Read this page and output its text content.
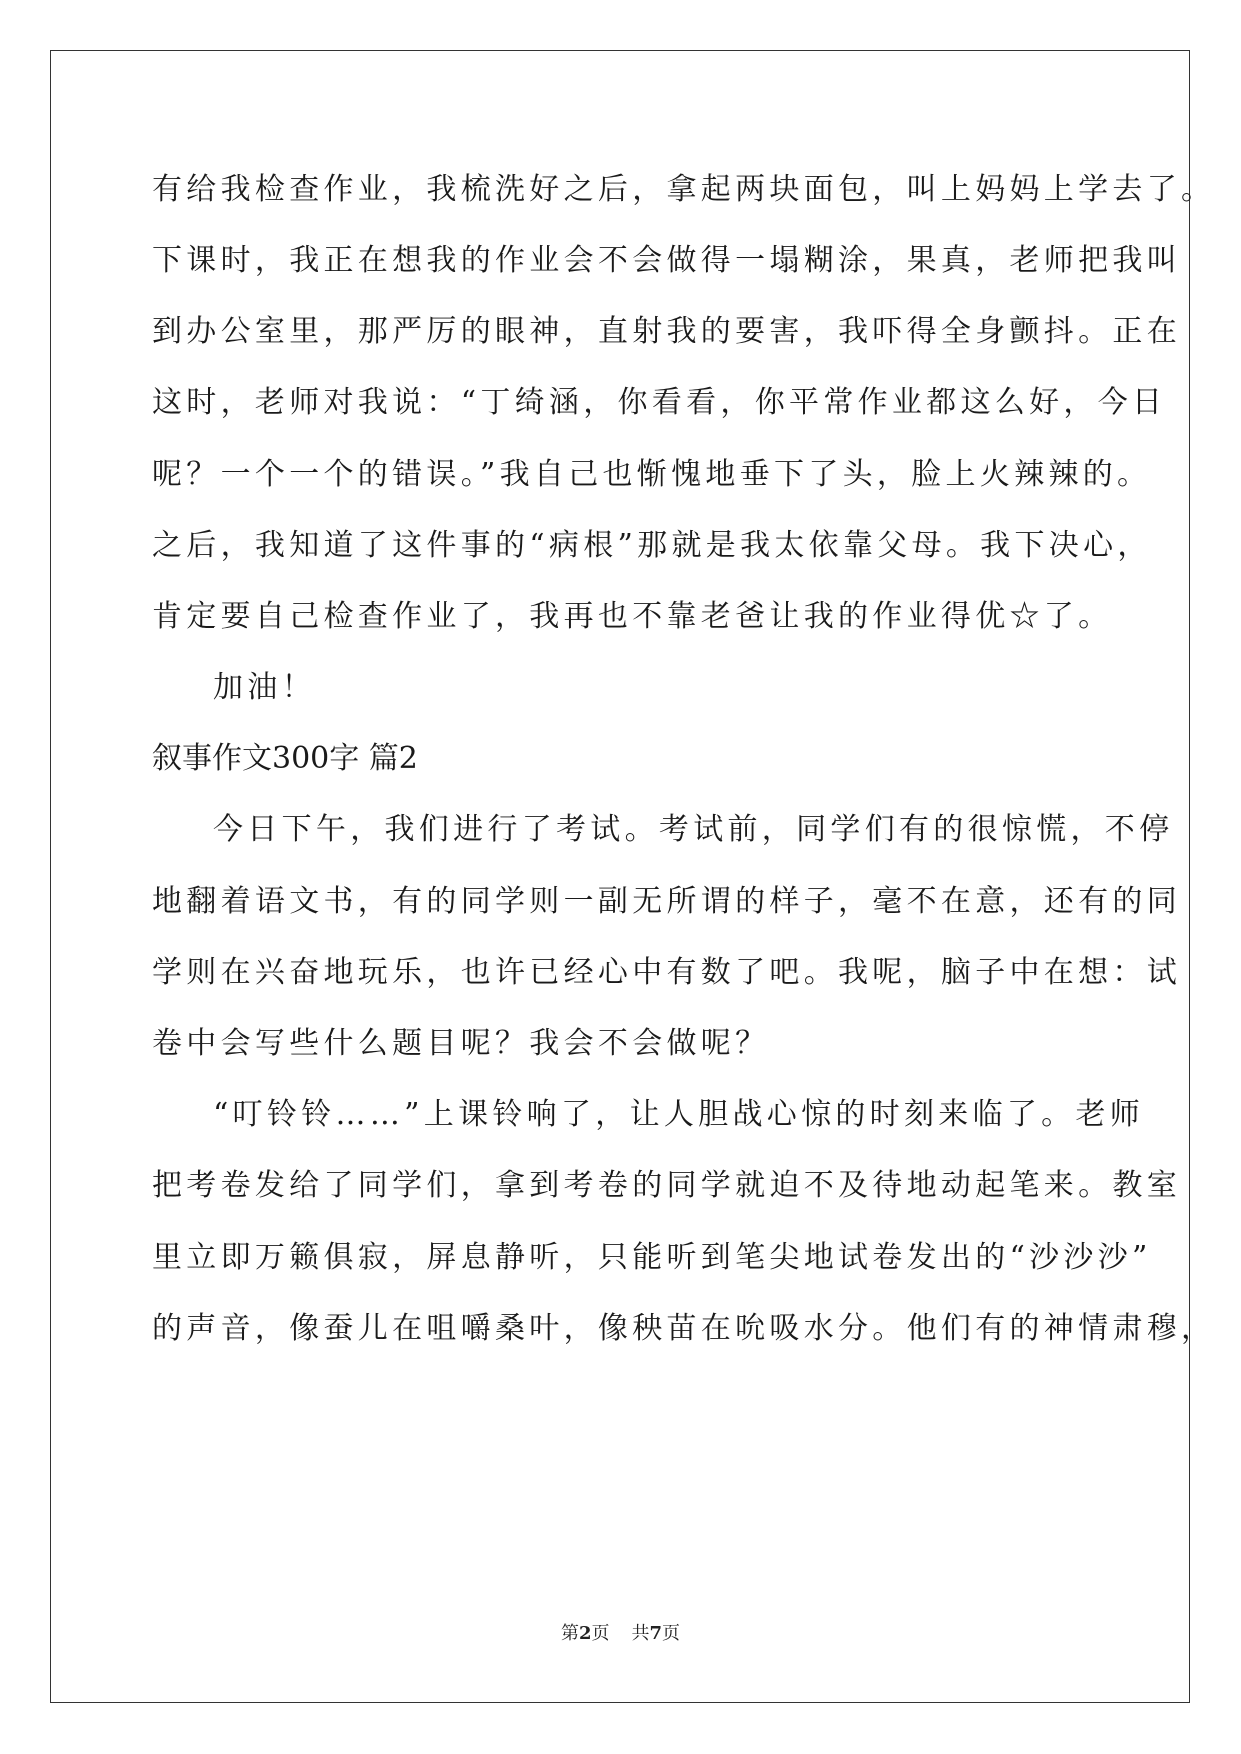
有给我检查作业，我梳洗好之后，拿起两块面包，叫上妈妈上学去了。
下课时，我正在想我的作业会不会做得一塌糊涂，果真，老师把我叫
到办公室里，那严厉的眼神，直射我的要害，我吓得全身颤抖。正在
这时，老师对我说：“丁绮涵，你看看，你平常作业都这么好，今日
呢？一个一个的错误。”我自己也惭愧地垂下了头，脸上火辣辣的。
之后，我知道了这件事的“病根”那就是我太依靠父母。我下决心，
肯定要自己检查作业了，我再也不靠老爸让我的作业得优☆了。
加油！
叙事作文300字 篇2
今日下午，我们进行了考试。考试前，同学们有的很惊慌，不停
地翻着语文书，有的同学则一副无所谓的样子，毫不在意，还有的同
学则在兴奋地玩乐，也许已经心中有数了吧。我呢，脑子中在想：试
卷中会写些什么题目呢？我会不会做呢？
“叮铃铃……”上课铃响了，让人胆战心惊的时刻来临了。老师
把考卷发给了同学们，拿到考卷的同学就迫不及待地动起笔来。教室
里立即万籁俱寂，屏息静听，只能听到笔尖地试卷发出的“沙沙沙”
的声音，像蚕儿在咀嚼桑叶，像秧苗在吮吸水分。他们有的神情肃穆，
第2页 共7页
